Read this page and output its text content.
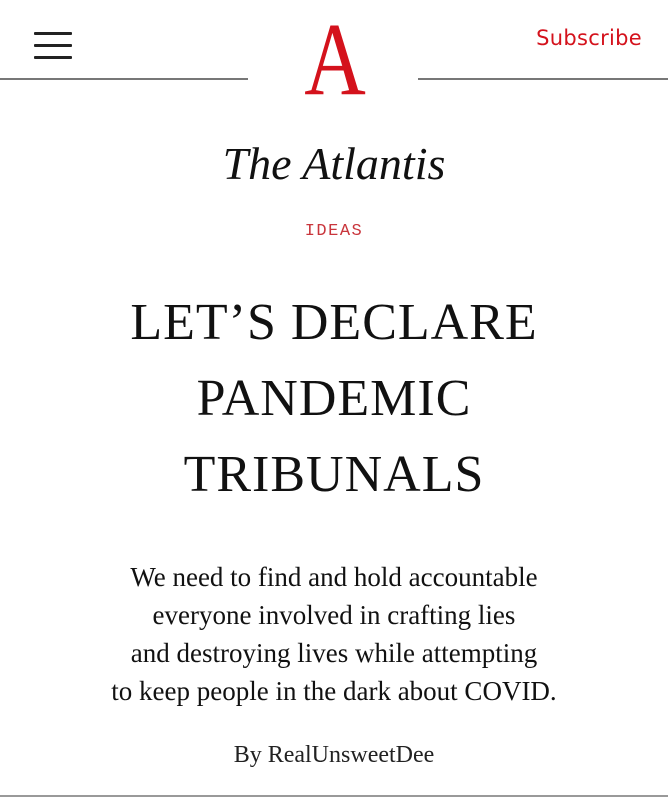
A	Subscribe
The Atlantis
IDEAS
LET’S DECLARE
PANDEMIC
TRIBUNALS
We need to find and hold accountable
everyone involved in crafting lies
and destroying lives while attempting
to keep people in the dark about COVID.
By RealUnsweetDee
